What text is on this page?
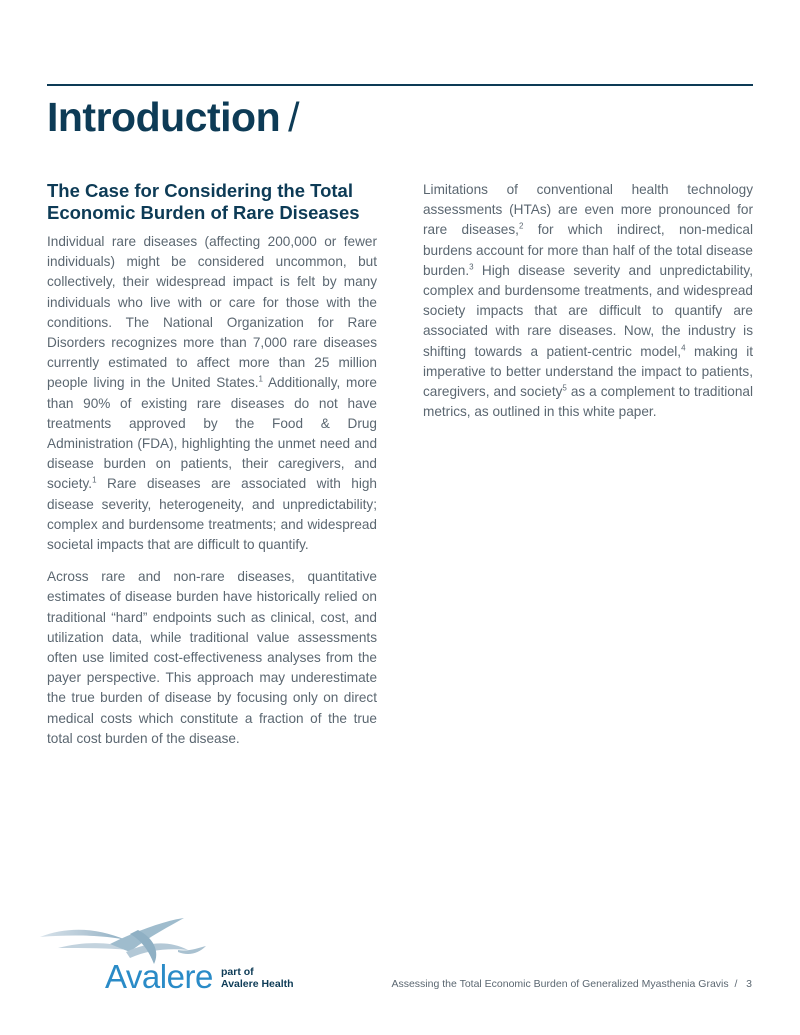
Introduction /
The Case for Considering the Total Economic Burden of Rare Diseases

Individual rare diseases (affecting 200,000 or fewer individuals) might be considered uncommon, but collectively, their widespread impact is felt by many individuals who live with or care for those with the conditions. The National Organization for Rare Disorders recognizes more than 7,000 rare diseases currently estimated to affect more than 25 million people living in the United States.$^1$ Additionally, more than 90% of existing rare diseases do not have treatments approved by the Food & Drug Administration (FDA), highlighting the unmet need and disease burden on patients, their caregivers, and society.$^1$ Rare diseases are associated with high disease severity, heterogeneity, and unpredictability; complex and burdensome treatments; and widespread societal impacts that are difficult to quantify.

Across rare and non-rare diseases, quantitative estimates of disease burden have historically relied on traditional “hard” endpoints such as clinical, cost, and utilization data, while traditional value assessments often use limited cost-effectiveness analyses from the payer perspective. This approach may underestimate the true burden of disease by focusing only on direct medical costs which constitute a fraction of the true total cost burden of the disease.

Limitations of conventional health technology assessments (HTAs) are even more pronounced for rare diseases,$^2$ for which indirect, non-medical burdens account for more than half of the total disease burden.$^3$ High disease severity and unpredictability, complex and burdensome treatments, and widespread society impacts that are difficult to quantify are associated with rare diseases. Now, the industry is shifting towards a patient-centric model,$^4$ making it imperative to better understand the impact to patients, caregivers, and society$^5$ as a complement to traditional metrics, as outlined in this white paper.

Avalere part of
Avalere Health	Assessing the Total Economic Burden of Generalized Myasthenia Gravis / 3
